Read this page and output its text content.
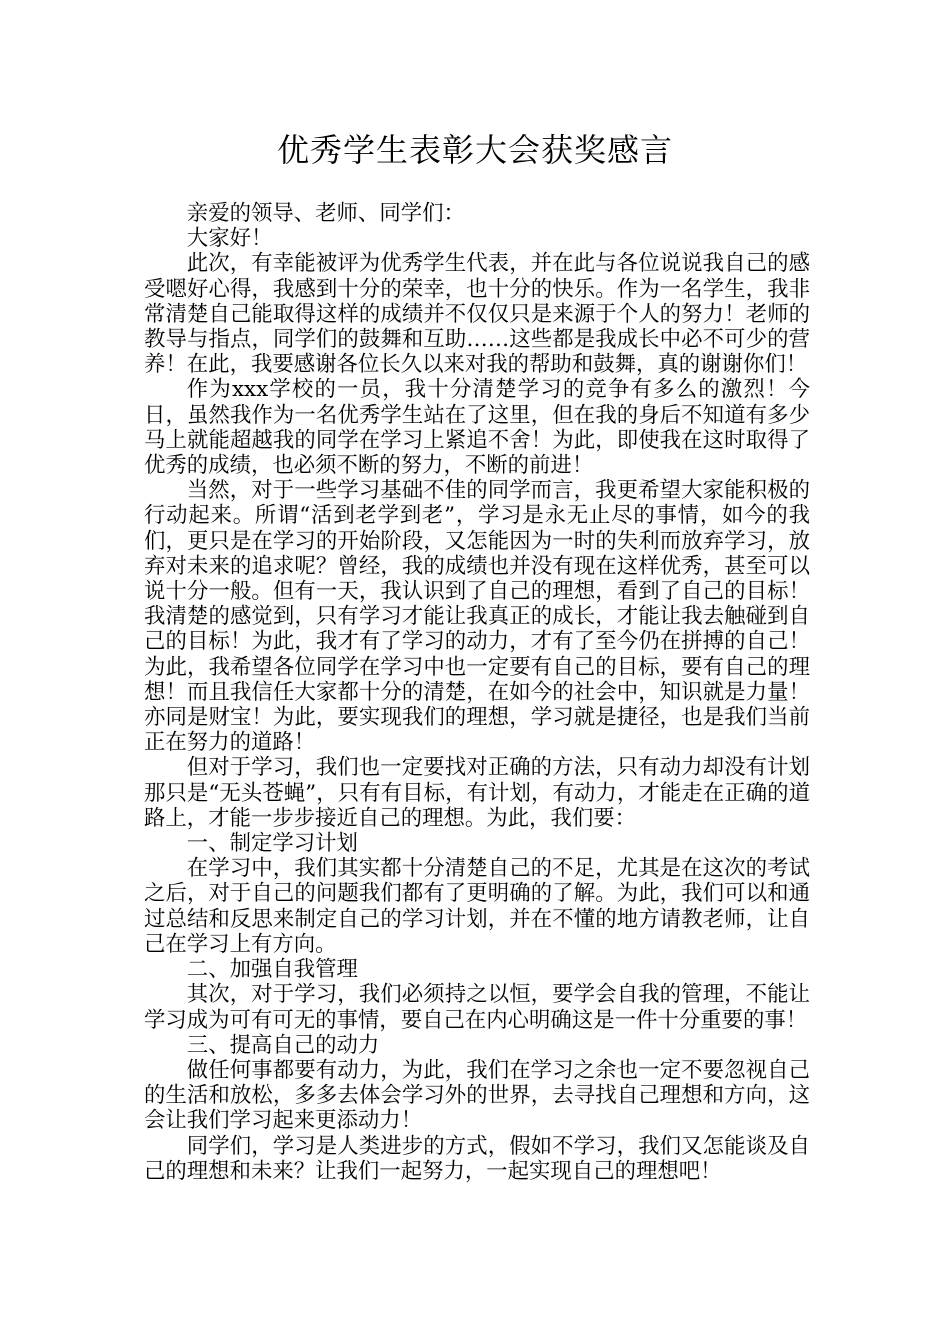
优秀学生表彰大会获奖感言

亲爱的领导、老师、同学们：

大家好！

此次，有幸能被评为优秀学生代表，并在此与各位说说我自己的感受嗯好心得，我感到十分的荣幸，也十分的快乐。作为一名学生，我非常清楚自己能取得这样的成绩并不仅仅只是来源于个人的努力！老师的教导与指点，同学们的鼓舞和互助……这些都是我成长中必不可少的营养！在此，我要感谢各位长久以来对我的帮助和鼓舞，真的谢谢你们！

作为xxx学校的一员，我十分清楚学习的竞争有多么的激烈！今日，虽然我作为一名优秀学生站在了这里，但在我的身后不知道有多少马上就能超越我的同学在学习上紧追不舍！为此，即使我在这时取得了优秀的成绩，也必须不断的努力，不断的前进！

当然，对于一些学习基础不佳的同学而言，我更希望大家能积极的行动起来。所谓“活到老学到老”，学习是永无止尽的事情，如今的我们，更只是在学习的开始阶段，又怎能因为一时的失利而放弃学习，放弃对未来的追求呢？曾经，我的成绩也并没有现在这样优秀，甚至可以说十分一般。但有一天，我认识到了自己的理想，看到了自己的目标！我清楚的感觉到，只有学习才能让我真正的成长，才能让我去触碰到自己的目标！为此，我才有了学习的动力，才有了至今仍在拼搏的自己！为此，我希望各位同学在学习中也一定要有自己的目标，要有自己的理想！而且我信任大家都十分的清楚，在如今的社会中，知识就是力量！亦同是财宝！为此，要实现我们的理想，学习就是捷径，也是我们当前正在努力的道路！

但对于学习，我们也一定要找对正确的方法，只有动力却没有计划那只是“无头苍蝇”，只有有目标，有计划，有动力，才能走在正确的道路上，才能一步步接近自己的理想。为此，我们要：

一、制定学习计划

在学习中，我们其实都十分清楚自己的不足，尤其是在这次的考试之后，对于自己的问题我们都有了更明确的了解。为此，我们可以和通过总结和反思来制定自己的学习计划，并在不懂的地方请教老师，让自己在学习上有方向。

二、加强自我管理

其次，对于学习，我们必须持之以恒，要学会自我的管理，不能让学习成为可有可无的事情，要自己在内心明确这是一件十分重要的事！

三、提高自己的动力

做任何事都要有动力，为此，我们在学习之余也一定不要忽视自己的生活和放松，多多去体会学习外的世界，去寻找自己理想和方向，这会让我们学习起来更添动力！

同学们，学习是人类进步的方式，假如不学习，我们又怎能谈及自己的理想和未来？让我们一起努力，一起实现自己的理想吧！
